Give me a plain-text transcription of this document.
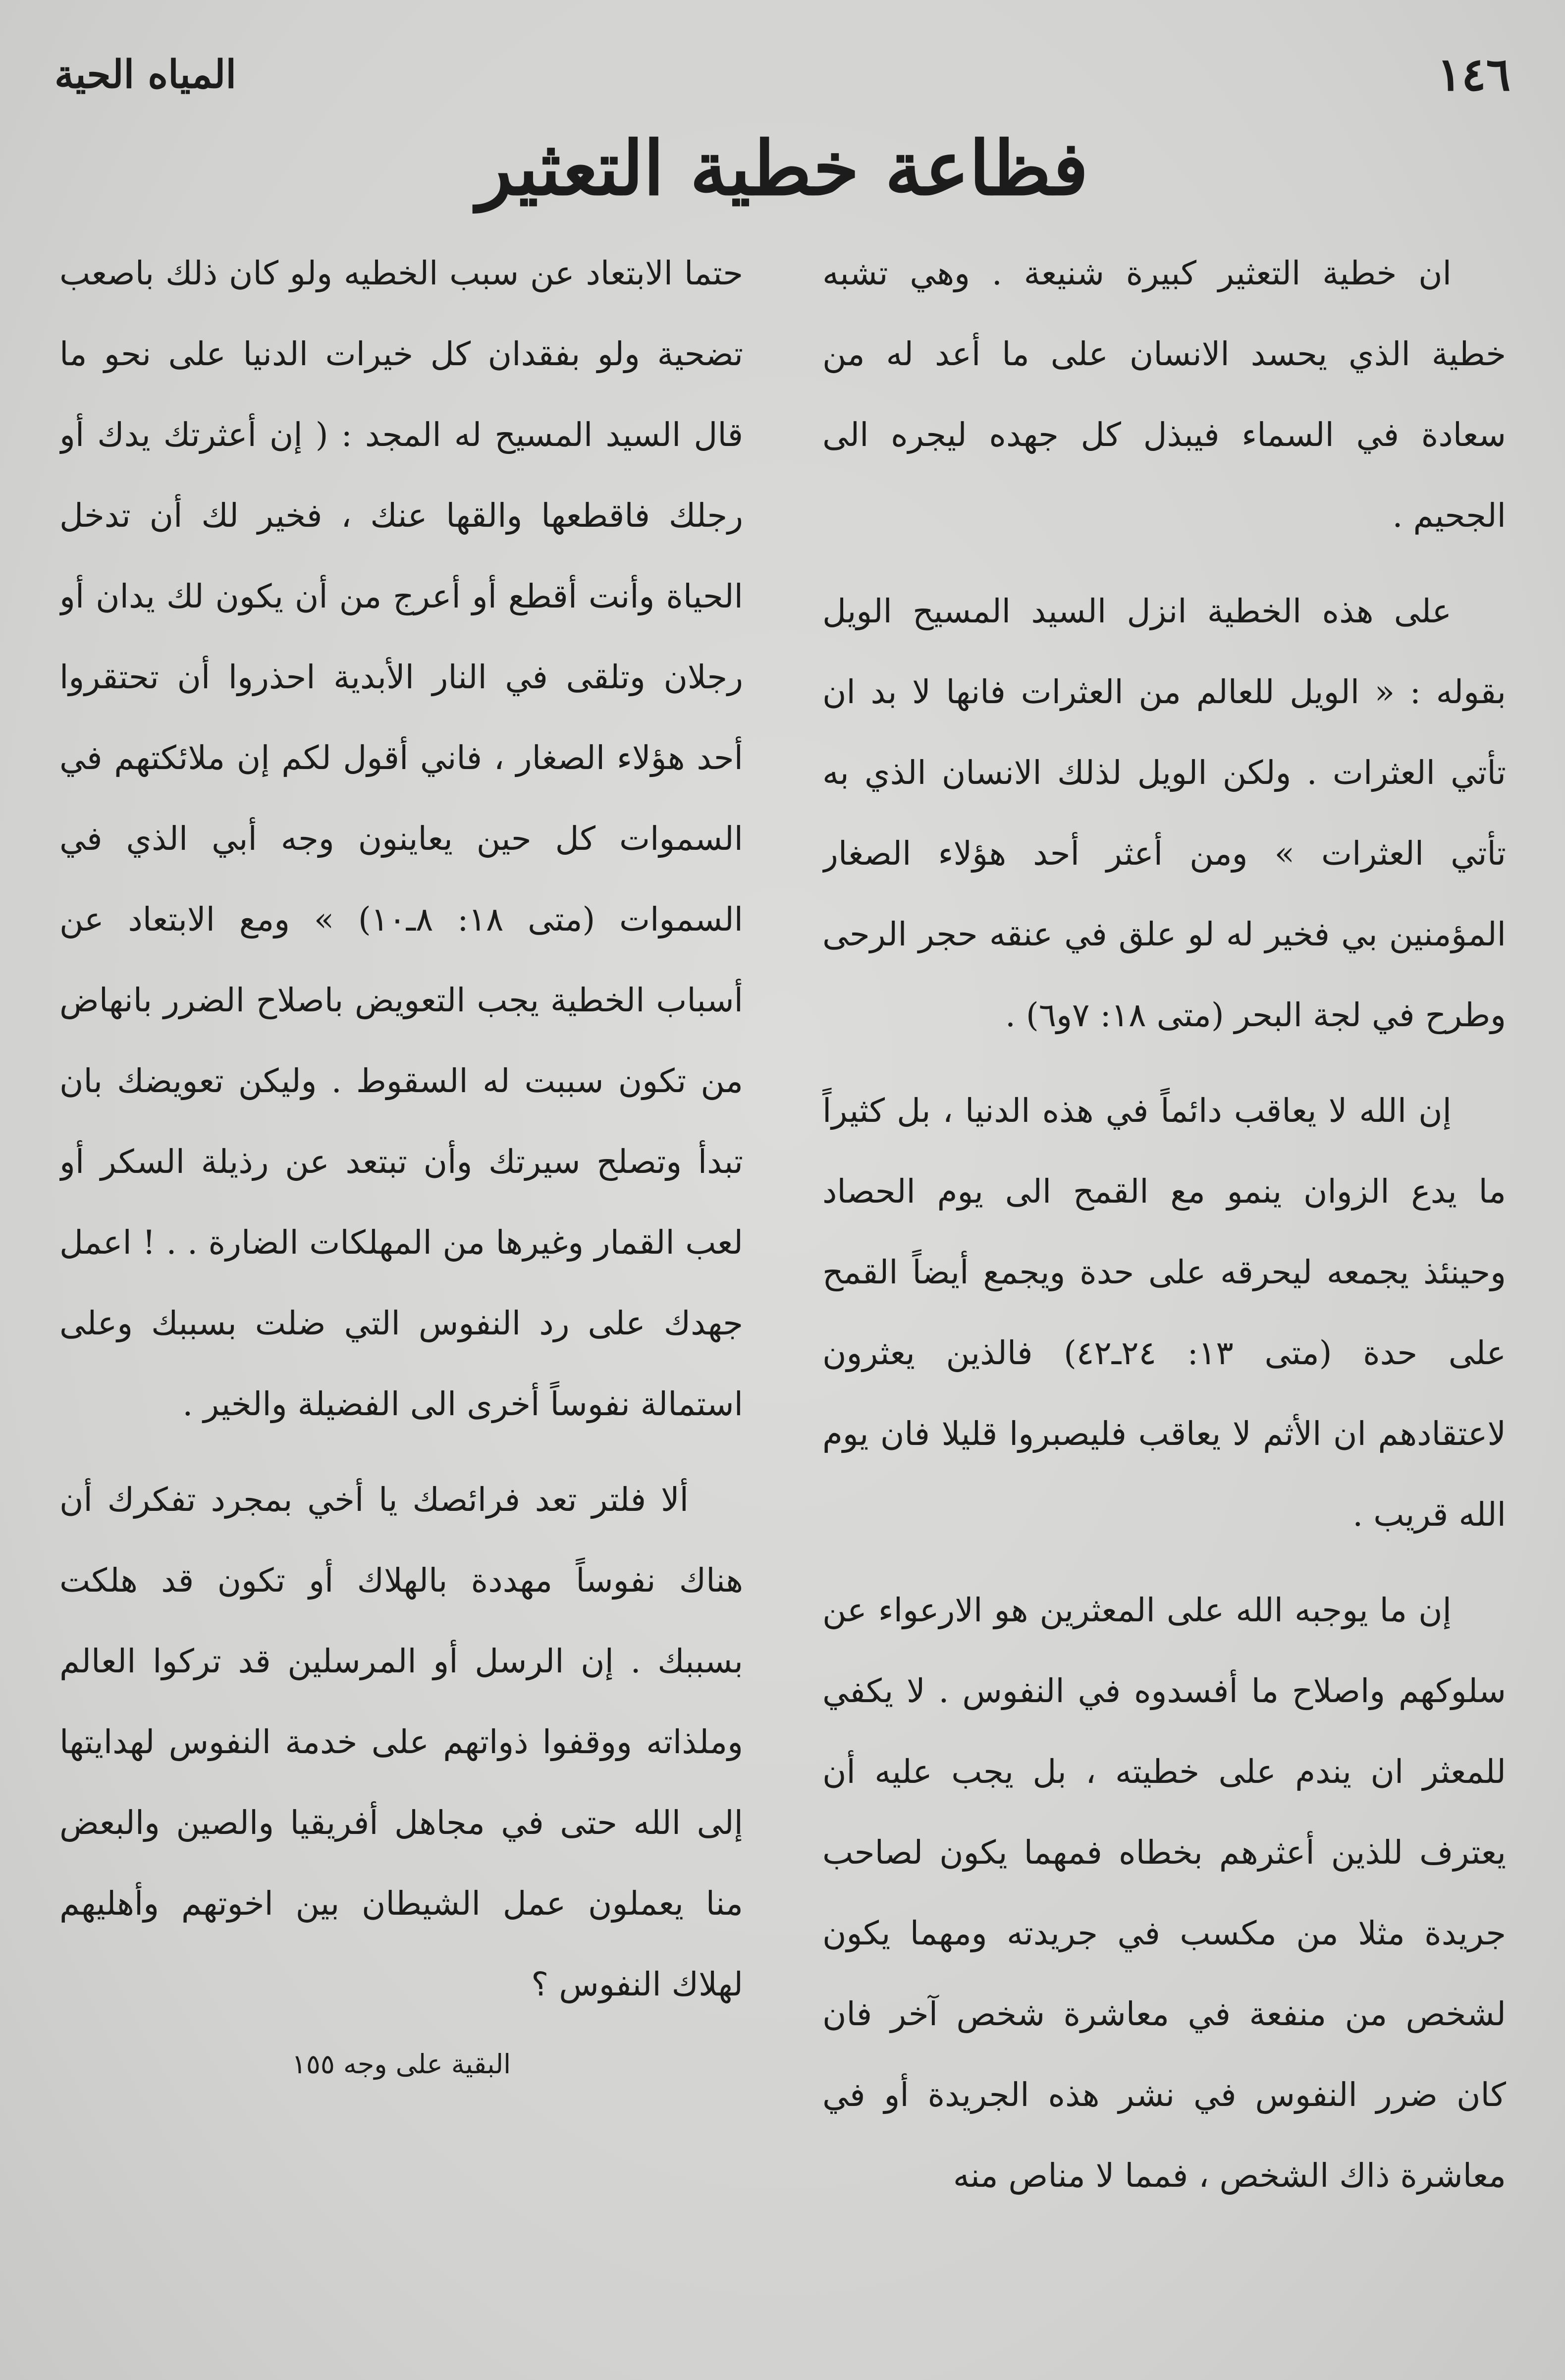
١٤٦
المياه الحية
فظاعة خطية التعثير

ان خطية التعثير كبيرة شنيعة . وهي تشبه خطية الذي يحسد الانسان على ما أعد له من سعادة في السماء فيبذل كل جهده ليجره الى الجحيم .

على هذه الخطية انزل السيد المسيح الويل بقوله : « الويل للعالم من العثرات فانها لا بد ان تأتي العثرات . ولكن الويل لذلك الانسان الذي به تأتي العثرات » ومن أعثر أحد هؤلاء الصغار المؤمنين بي فخير له لو علق في عنقه حجر الرحى وطرح في لجة البحر (متى ١٨: ٧و٦) .

إن الله لا يعاقب دائماً في هذه الدنيا ، بل كثيراً ما يدع الزوان ينمو مع القمح الى يوم الحصاد وحينئذ يجمعه ليحرقه على حدة ويجمع أيضاً القمح على حدة (متى ١٣: ٢٤ـ٤٢) فالذين يعثرون لاعتقادهم ان الأثم لا يعاقب فليصبروا قليلا فان يوم الله قريب .

إن ما يوجبه الله على المعثرين هو الارعواء عن سلوكهم واصلاح ما أفسدوه في النفوس . لا يكفي للمعثر ان يندم على خطيته ، بل يجب عليه أن يعترف للذين أعثرهم بخطاه فمهما يكون لصاحب جريدة مثلا من مكسب في جريدته ومهما يكون لشخص من منفعة في معاشرة شخص آخر فان كان ضرر النفوس في نشر هذه الجريدة أو في معاشرة ذاك الشخص ، فمما لا مناص منه

حتما الابتعاد عن سبب الخطيه ولو كان ذلك باصعب تضحية ولو بفقدان كل خيرات الدنيا على نحو ما قال السيد المسيح له المجد : ( إن أعثرتك يدك أو رجلك فاقطعها والقها عنك ، فخير لك أن تدخل الحياة وأنت أقطع أو أعرج من أن يكون لك يدان أو رجلان وتلقى في النار الأبدية احذروا أن تحتقروا أحد هؤلاء الصغار ، فاني أقول لكم إن ملائكتهم في السموات كل حين يعاينون وجه أبي الذي في السموات (متى ١٨: ٨ـ١٠) » ومع الابتعاد عن أسباب الخطية يجب التعويض باصلاح الضرر بانهاض من تكون سببت له السقوط . وليكن تعويضك بان تبدأ وتصلح سيرتك وأن تبتعد عن رذيلة السكر أو لعب القمار وغيرها من المهلكات الضارة . . ! اعمل جهدك على رد النفوس التي ضلت بسببك وعلى استمالة نفوساً أخرى الى الفضيلة والخير .

ألا فلتر تعد فرائصك يا أخي بمجرد تفكرك أن هناك نفوساً مهددة بالهلاك أو تكون قد هلكت بسببك . إن الرسل أو المرسلين قد تركوا العالم وملذاته ووقفوا ذواتهم على خدمة النفوس لهدايتها إلى الله حتى في مجاهل أفريقيا والصين والبعض منا يعملون عمل الشيطان بين اخوتهم وأهليهم لهلاك النفوس ؟

البقية على وجه ١٥٥
